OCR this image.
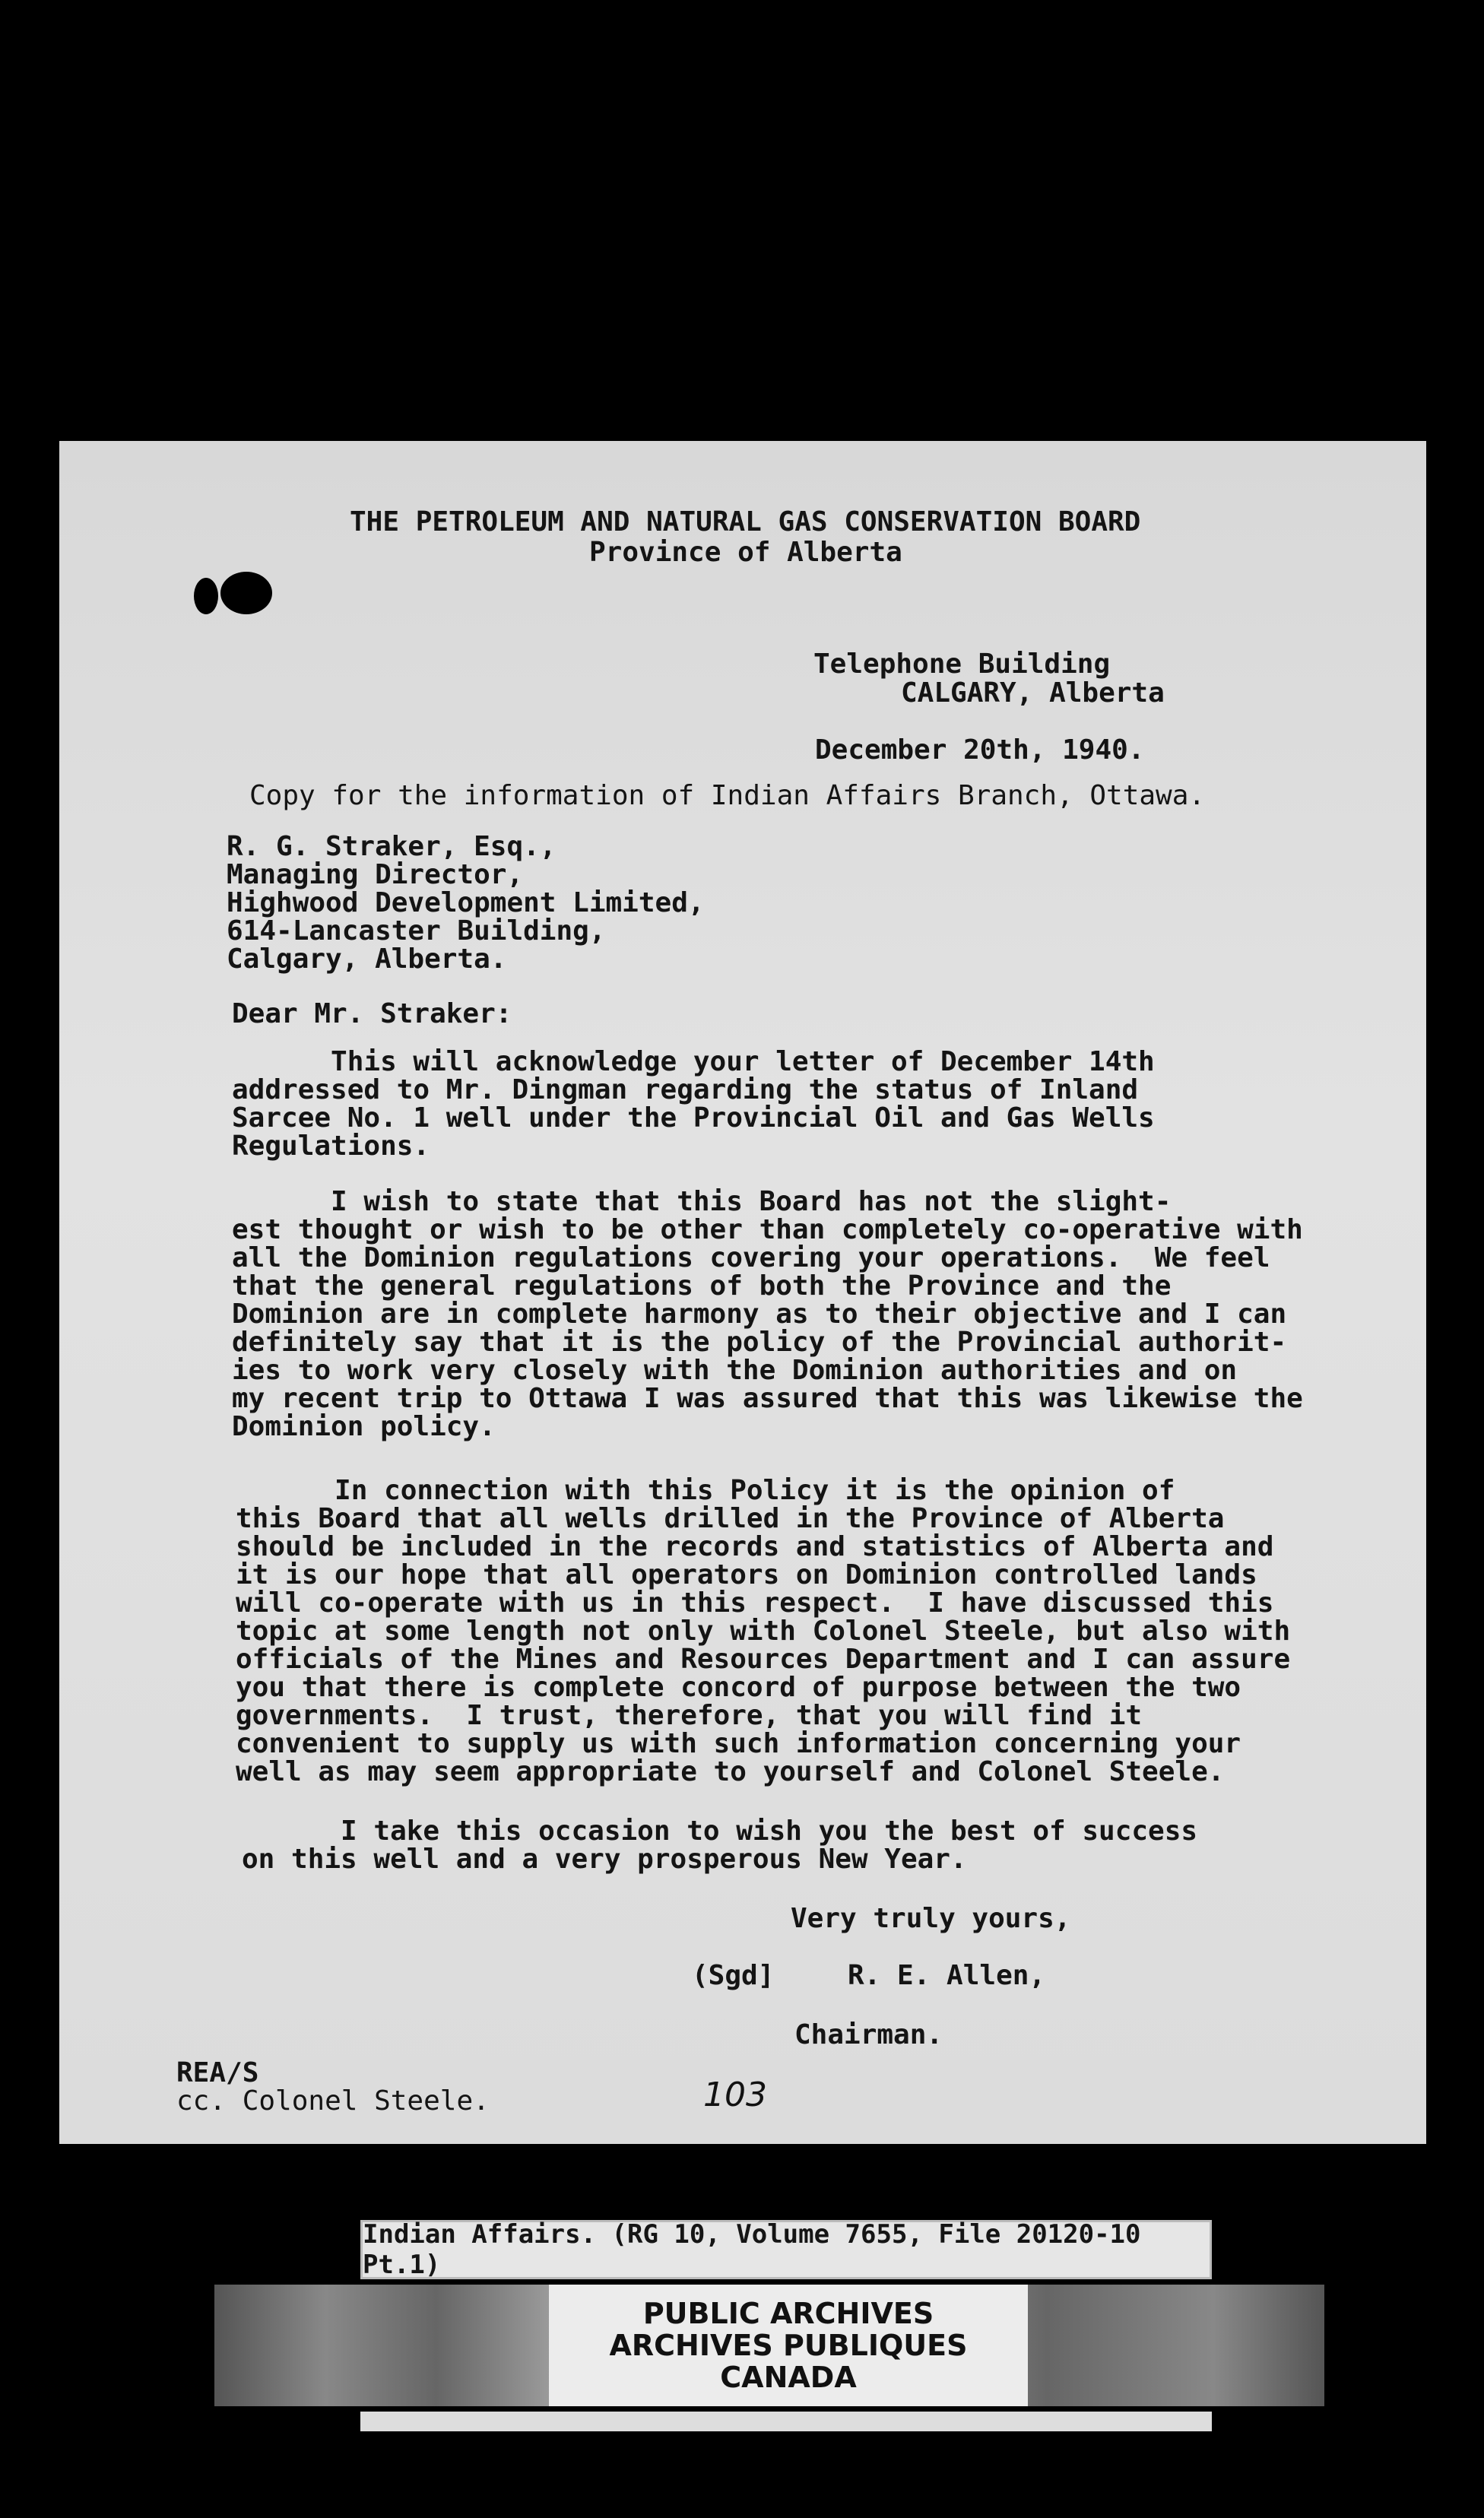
THE PETROLEUM AND NATURAL GAS CONSERVATION BOARD
Province of Alberta
Telephone Building
CALGARY, Alberta
December 20th, 1940.
Copy for the information of Indian Affairs Branch, Ottawa.
R. G. Straker, Esq.,
Managing Director,
Highwood Development Limited,
614-Lancaster Building,
Calgary, Alberta.
Dear Mr. Straker:
This will acknowledge your letter of December 14th
addressed to Mr. Dingman regarding the status of Inland
Sarcee No. 1 well under the Provincial Oil and Gas Wells
Regulations.
I wish to state that this Board has not the slight-
est thought or wish to be other than completely co-operative with
all the Dominion regulations covering your operations.  We feel
that the general regulations of both the Province and the
Dominion are in complete harmony as to their objective and I can
definitely say that it is the policy of the Provincial authorit-
ies to work very closely with the Dominion authorities and on
my recent trip to Ottawa I was assured that this was likewise the
Dominion policy.
In connection with this Policy it is the opinion of
this Board that all wells drilled in the Province of Alberta
should be included in the records and statistics of Alberta and
it is our hope that all operators on Dominion controlled lands
will co-operate with us in this respect.  I have discussed this
topic at some length not only with Colonel Steele, but also with
officials of the Mines and Resources Department and I can assure
you that there is complete concord of purpose between the two
governments.  I trust, therefore, that you will find it
convenient to supply us with such information concerning your
well as may seem appropriate to yourself and Colonel Steele.
I take this occasion to wish you the best of success
on this well and a very prosperous New Year.
Very truly yours,
(Sgd]	R. E. Allen,
Chairman.
REA/S
cc. Colonel Steele.	103
Indian Affairs. (RG 10, Volume 7655, File 20120-10 Pt.1)
PUBLIC ARCHIVES
ARCHIVES PUBLIQUES
CANADA
